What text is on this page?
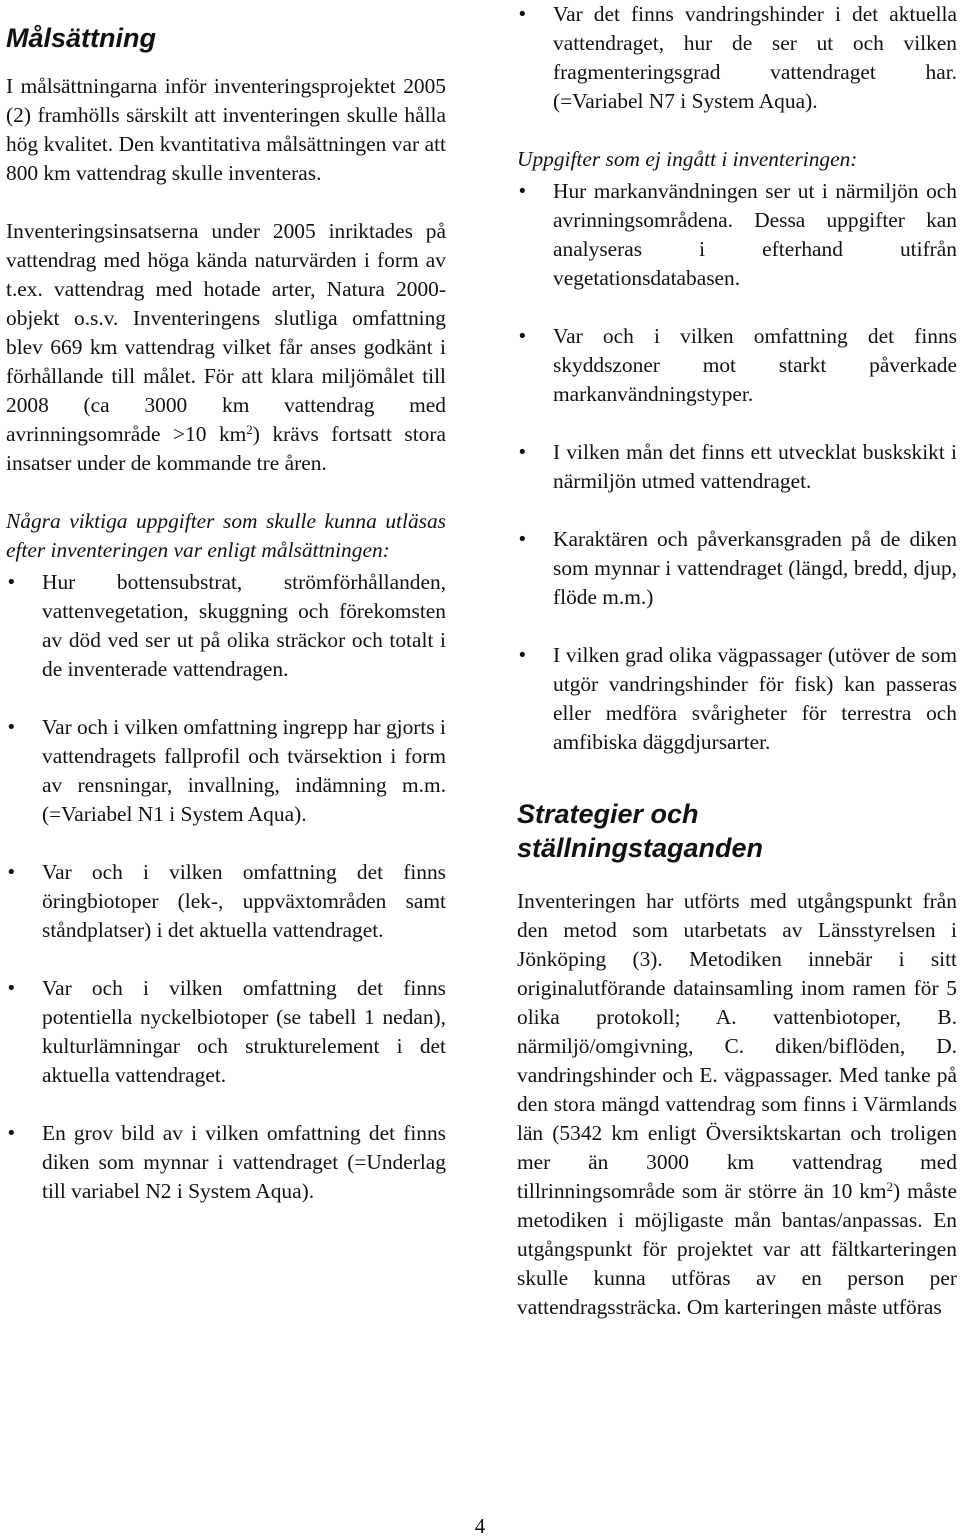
Målsättning

I målsättningarna inför inventeringsprojektet 2005 (2) framhölls särskilt att inventeringen skulle hålla hög kvalitet. Den kvantitativa målsättningen var att 800 km vattendrag skulle inventeras.

Inventeringsinsatserna under 2005 inriktades på vattendrag med höga kända naturvärden i form av t.ex. vattendrag med hotade arter, Natura 2000-objekt o.s.v. Inventeringens slutliga omfattning blev 669 km vattendrag vilket får anses godkänt i förhållande till målet. För att klara miljömålet till 2008 (ca 3000 km vattendrag med avrinningsområde >10 $km^2$) krävs fortsatt stora insatser under de kommande tre åren.

Några viktiga uppgifter som skulle kunna utläsas efter inventeringen var enligt målsättningen:

• Hur bottensubstrat, strömförhållanden, vattenvegetation, skuggning och förekomsten av död ved ser ut på olika sträckor och totalt i de inventerade vattendragen.

• Var och i vilken omfattning ingrepp har gjorts i vattendragets fallprofil och tvärsektion i form av rensningar, invallning, indämning m.m. (=Variabel N1 i System Aqua).

• Var och i vilken omfattning det finns öringbiotoper (lek-, uppväxtområden samt ståndplatser) i det aktuella vattendraget.

• Var och i vilken omfattning det finns potentiella nyckelbiotoper (se tabell 1 nedan), kulturlämningar och strukturelement i det aktuella vattendraget.

• En grov bild av i vilken omfattning det finns diken som mynnar i vattendraget (=Underlag till variabel N2 i System Aqua).

• Var det finns vandringshinder i det aktuella vattendraget, hur de ser ut och vilken fragmenteringsgrad vattendraget har. (=Variabel N7 i System Aqua).

Uppgifter som ej ingått i inventeringen:

• Hur markanvändningen ser ut i närmiljön och avrinningsområdena. Dessa uppgifter kan analyseras i efterhand utifrån vegetationsdatabasen.

• Var och i vilken omfattning det finns skyddszoner mot starkt påverkade markanvändningstyper.

• I vilken mån det finns ett utvecklat buskskikt i närmiljön utmed vattendraget.

• Karaktären och påverkansgraden på de diken som mynnar i vattendraget (längd, bredd, djup, flöde m.m.)

• I vilken grad olika vägpassager (utöver de som utgör vandringshinder för fisk) kan passeras eller medföra svårigheter för terrestra och amfibiska däggdjursarter.

Strategier och ställningstaganden

Inventeringen har utförts med utgångspunkt från den metod som utarbetats av Länsstyrelsen i Jönköping (3). Metodiken innebär i sitt originalutförande datainsamling inom ramen för 5 olika protokoll; A. vattenbiotoper, B. närmiljö/omgivning, C. diken/biflöden, D. vandringshinder och E. vägpassager. Med tanke på den stora mängd vattendrag som finns i Värmlands län (5342 km enligt Översiktskartan och troligen mer än 3000 km vattendrag med tillrinningsområde som är större än 10 $km^2$) måste metodiken i möjligaste mån bantas/anpassas. En utgångspunkt för projektet var att fältkarteringen skulle kunna utföras av en person per vattendragssträcka. Om karteringen måste utföras

4
